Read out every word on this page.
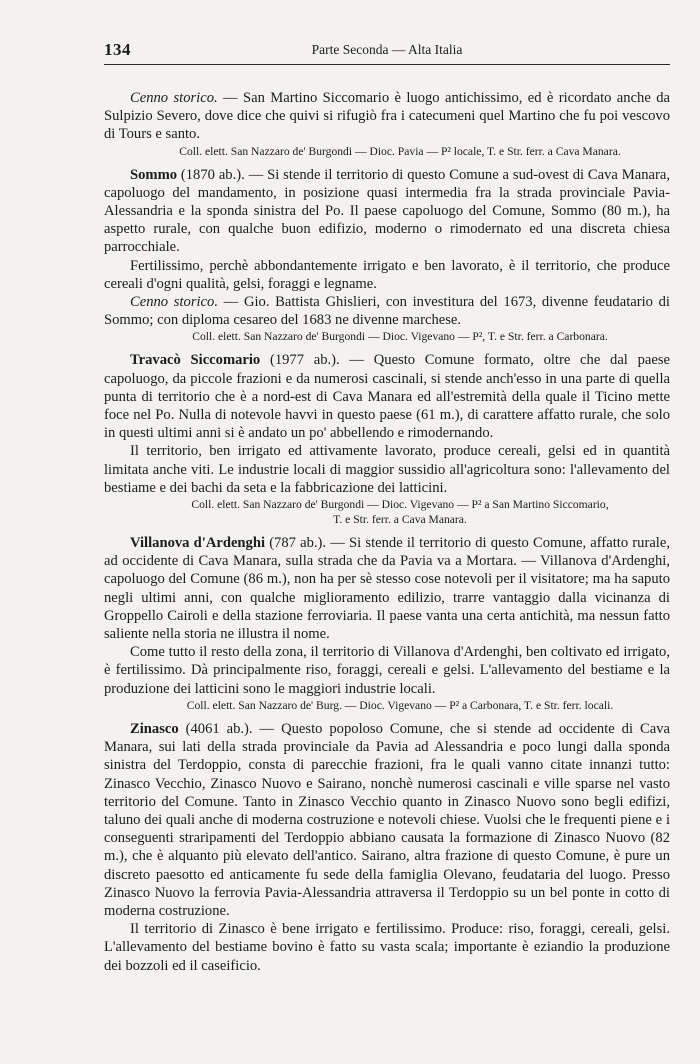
134	Parte Seconda — Alta Italia

Cenno storico. — San Martino Siccomario è luogo antichissimo, ed è ricordato anche da Sulpizio Severo, dove dice che quivi si rifugiò fra i catecumeni quel Martino che fu poi vescovo di Tours e santo.

Coll. elett. San Nazzaro de' Burgondi — Dioc. Pavia — P² locale, T. e Str. ferr. a Cava Manara.

Sommo (1870 ab.). — Si stende il territorio di questo Comune a sud-ovest di Cava Manara, capoluogo del mandamento, in posizione quasi intermedia fra la strada provinciale Pavia-Alessandria e la sponda sinistra del Po. Il paese capoluogo del Comune, Sommo (80 m.), ha aspetto rurale, con qualche buon edifizio, moderno o rimodernato ed una discreta chiesa parrocchiale.

Fertilissimo, perchè abbondantemente irrigato e ben lavorato, è il territorio, che produce cereali d'ogni qualità, gelsi, foraggi e legname.

Cenno storico. — Gio. Battista Ghislieri, con investitura del 1673, divenne feudatario di Sommo; con diploma cesareo del 1683 ne divenne marchese.

Coll. elett. San Nazzaro de' Burgondi — Dioc. Vigevano — P², T. e Str. ferr. a Carbonara.

Travacò Siccomario (1977 ab.). — Questo Comune formato, oltre che dal paese capoluogo, da piccole frazioni e da numerosi cascinali, si stende anch'esso in una parte di quella punta di territorio che è a nord-est di Cava Manara ed all'estremità della quale il Ticino mette foce nel Po. Nulla di notevole havvi in questo paese (61 m.), di carattere affatto rurale, che solo in questi ultimi anni si è andato un po' abbellendo e rimodernando.

Il territorio, ben irrigato ed attivamente lavorato, produce cereali, gelsi ed in quantità limitata anche viti. Le industrie locali di maggior sussidio all'agricoltura sono: l'allevamento del bestiame e dei bachi da seta e la fabbricazione dei latticini.

Coll. elett. San Nazzaro de' Burgondi — Dioc. Vigevano — P² a San Martino Siccomario,
T. e Str. ferr. a Cava Manara.

Villanova d'Ardenghi (787 ab.). — Si stende il territorio di questo Comune, affatto rurale, ad occidente di Cava Manara, sulla strada che da Pavia va a Mortara. — Villanova d'Ardenghi, capoluogo del Comune (86 m.), non ha per sè stesso cose notevoli per il visitatore; ma ha saputo negli ultimi anni, con qualche miglioramento edilizio, trarre vantaggio dalla vicinanza di Groppello Cairoli e della stazione ferroviaria. Il paese vanta una certa antichità, ma nessun fatto saliente nella storia ne illustra il nome.

Come tutto il resto della zona, il territorio di Villanova d'Ardenghi, ben coltivato ed irrigato, è fertilissimo. Dà principalmente riso, foraggi, cereali e gelsi. L'allevamento del bestiame e la produzione dei latticini sono le maggiori industrie locali.

Coll. elett. San Nazzaro de' Burg. — Dioc. Vigevano — P² a Carbonara, T. e Str. ferr. locali.

Zinasco (4061 ab.). — Questo popoloso Comune, che si stende ad occidente di Cava Manara, sui lati della strada provinciale da Pavia ad Alessandria e poco lungi dalla sponda sinistra del Terdoppio, consta di parecchie frazioni, fra le quali vanno citate innanzi tutto: Zinasco Vecchio, Zinasco Nuovo e Sairano, nonchè numerosi cascinali e ville sparse nel vasto territorio del Comune. Tanto in Zinasco Vecchio quanto in Zinasco Nuovo sono begli edifizi, taluno dei quali anche di moderna costruzione e notevoli chiese. Vuolsi che le frequenti piene e i conseguenti straripamenti del Terdoppio abbiano causata la formazione di Zinasco Nuovo (82 m.), che è alquanto più elevato dell'antico. Sairano, altra frazione di questo Comune, è pure un discreto paesotto ed anticamente fu sede della famiglia Olevano, feudataria del luogo. Presso Zinasco Nuovo la ferrovia Pavia-Alessandria attraversa il Terdoppio su un bel ponte in cotto di moderna costruzione.

Il territorio di Zinasco è bene irrigato e fertilissimo. Produce: riso, foraggi, cereali, gelsi. L'allevamento del bestiame bovino è fatto su vasta scala; importante è eziandio la produzione dei bozzoli ed il caseificio.
